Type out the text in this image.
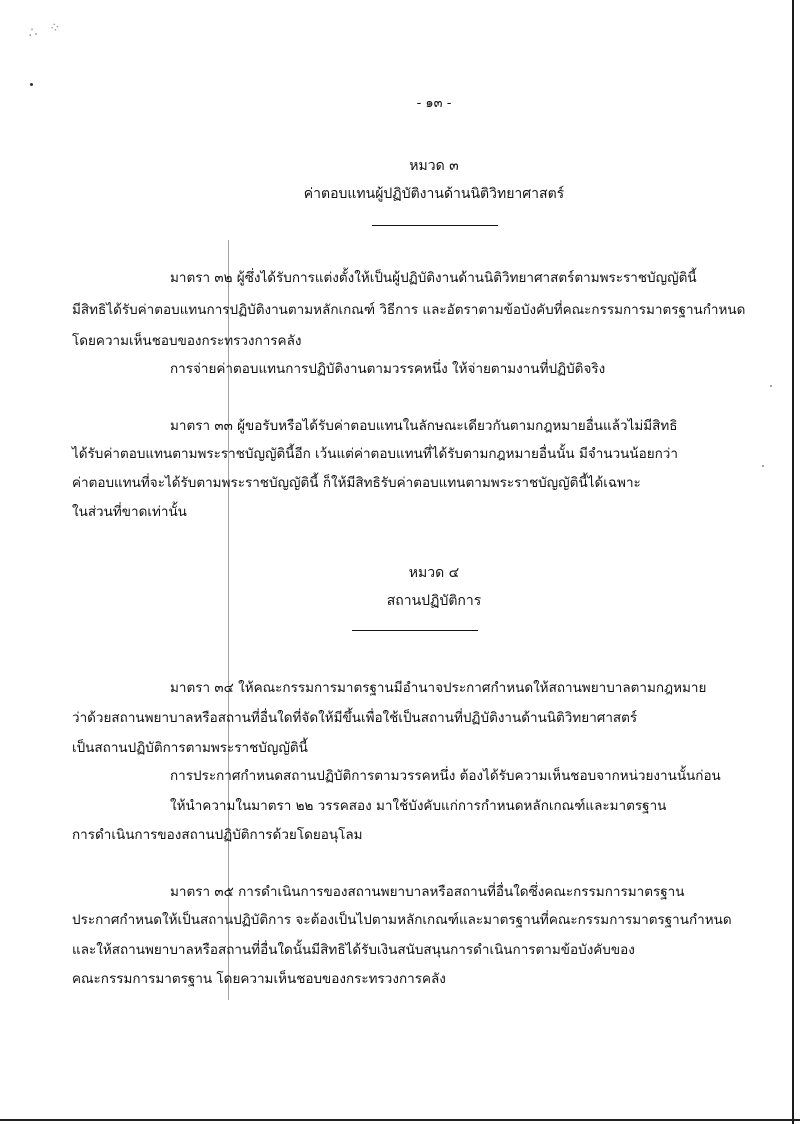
∴ ⁘
- ๑๓ -
หมวด ๓
ค่าตอบแทนผู้ปฏิบัติงานด้านนิติวิทยาศาสตร์
มาตรา ๓๒ ผู้ซึ่งได้รับการแต่งตั้งให้เป็นผู้ปฏิบัติงานด้านนิติวิทยาศาสตร์ตามพระราชบัญญัตินี้
มีสิทธิได้รับค่าตอบแทนการปฏิบัติงานตามหลักเกณฑ์ วิธีการ และอัตราตามข้อบังคับที่คณะกรรมการมาตรฐานกำหนด
โดยความเห็นชอบของกระทรวงการคลัง
การจ่ายค่าตอบแทนการปฏิบัติงานตามวรรคหนึ่ง ให้จ่ายตามงานที่ปฏิบัติจริง
มาตรา ๓๓ ผู้ขอรับหรือได้รับค่าตอบแทนในลักษณะเดียวกันตามกฎหมายอื่นแล้วไม่มีสิทธิ
ได้รับค่าตอบแทนตามพระราชบัญญัตินี้อีก เว้นแต่ค่าตอบแทนที่ได้รับตามกฎหมายอื่นนั้น มีจำนวนน้อยกว่า
ค่าตอบแทนที่จะได้รับตามพระราชบัญญัตินี้ ก็ให้มีสิทธิรับค่าตอบแทนตามพระราชบัญญัตินี้ได้เฉพาะ
ในส่วนที่ขาดเท่านั้น
หมวด ๔
สถานปฏิบัติการ
มาตรา ๓๔ ให้คณะกรรมการมาตรฐานมีอำนาจประกาศกำหนดให้สถานพยาบาลตามกฎหมาย
ว่าด้วยสถานพยาบาลหรือสถานที่อื่นใดที่จัดให้มีขึ้นเพื่อใช้เป็นสถานที่ปฏิบัติงานด้านนิติวิทยาศาสตร์
เป็นสถานปฏิบัติการตามพระราชบัญญัตินี้
การประกาศกำหนดสถานปฏิบัติการตามวรรคหนึ่ง ต้องได้รับความเห็นชอบจากหน่วยงานนั้นก่อน
ให้นำความในมาตรา ๒๒ วรรคสอง มาใช้บังคับแก่การกำหนดหลักเกณฑ์และมาตรฐาน
การดำเนินการของสถานปฏิบัติการด้วยโดยอนุโลม
มาตรา ๓๕ การดำเนินการของสถานพยาบาลหรือสถานที่อื่นใดซึ่งคณะกรรมการมาตรฐาน
ประกาศกำหนดให้เป็นสถานปฏิบัติการ จะต้องเป็นไปตามหลักเกณฑ์และมาตรฐานที่คณะกรรมการมาตรฐานกำหนด
และให้สถานพยาบาลหรือสถานที่อื่นใดนั้นมีสิทธิได้รับเงินสนับสนุนการดำเนินการตามข้อบังคับของ
คณะกรรมการมาตรฐาน โดยความเห็นชอบของกระทรวงการคลัง
